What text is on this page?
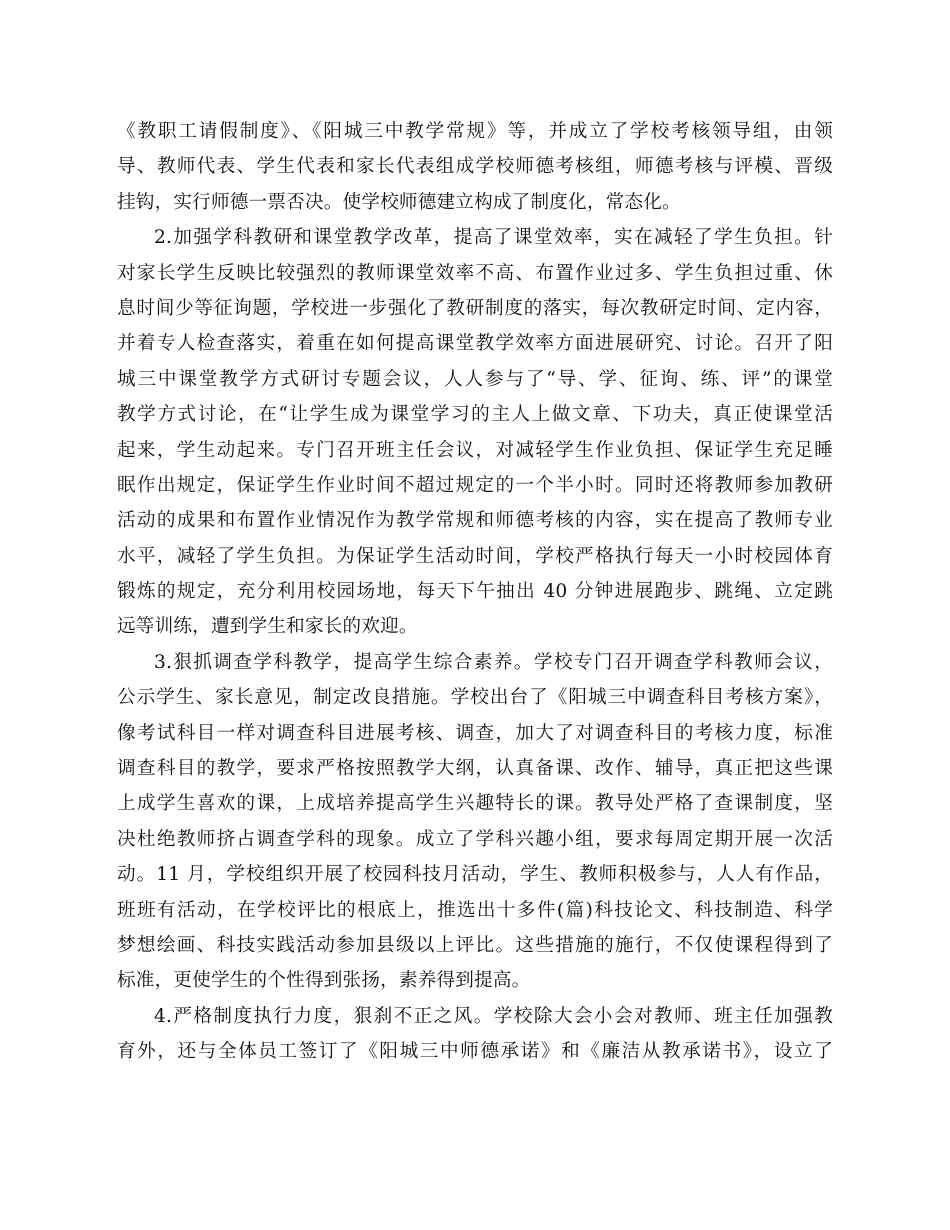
《教职工请假制度》、《阳城三中教学常规》等，并成立了学校考核领导组，由领
导、教师代表、学生代表和家长代表组成学校师德考核组，师德考核与评模、晋级
挂钩，实行师德一票否决。使学校师德建立构成了制度化，常态化。
2.加强学科教研和课堂教学改革，提高了课堂效率，实在减轻了学生负担。针
对家长学生反映比较强烈的教师课堂效率不高、布置作业过多、学生负担过重、休
息时间少等征询题，学校进一步强化了教研制度的落实，每次教研定时间、定内容，
并着专人检查落实，着重在如何提高课堂教学效率方面进展研究、讨论。召开了阳
城三中课堂教学方式研讨专题会议，人人参与了“导、学、征询、练、评”的课堂
教学方式讨论，在“让学生成为课堂学习的主人上做文章、下功夫，真正使课堂活
起来，学生动起来。专门召开班主任会议，对减轻学生作业负担、保证学生充足睡
眠作出规定，保证学生作业时间不超过规定的一个半小时。同时还将教师参加教研
活动的成果和布置作业情况作为教学常规和师德考核的内容，实在提高了教师专业
水平，减轻了学生负担。为保证学生活动时间，学校严格执行每天一小时校园体育
锻炼的规定，充分利用校园场地，每天下午抽出 40 分钟进展跑步、跳绳、立定跳
远等训练，遭到学生和家长的欢迎。
3.狠抓调查学科教学，提高学生综合素养。学校专门召开调查学科教师会议，
公示学生、家长意见，制定改良措施。学校出台了《阳城三中调查科目考核方案》，
像考试科目一样对调查科目进展考核、调查，加大了对调查科目的考核力度，标准
调查科目的教学，要求严格按照教学大纲，认真备课、改作、辅导，真正把这些课
上成学生喜欢的课，上成培养提高学生兴趣特长的课。教导处严格了查课制度，坚
决杜绝教师挤占调查学科的现象。成立了学科兴趣小组，要求每周定期开展一次活
动。11 月，学校组织开展了校园科技月活动，学生、教师积极参与，人人有作品，
班班有活动，在学校评比的根底上，推选出十多件(篇)科技论文、科技制造、科学
梦想绘画、科技实践活动参加县级以上评比。这些措施的施行，不仅使课程得到了
标准，更使学生的个性得到张扬，素养得到提高。
4.严格制度执行力度，狠刹不正之风。学校除大会小会对教师、班主任加强教
育外，还与全体员工签订了《阳城三中师德承诺》和《廉洁从教承诺书》，设立了
